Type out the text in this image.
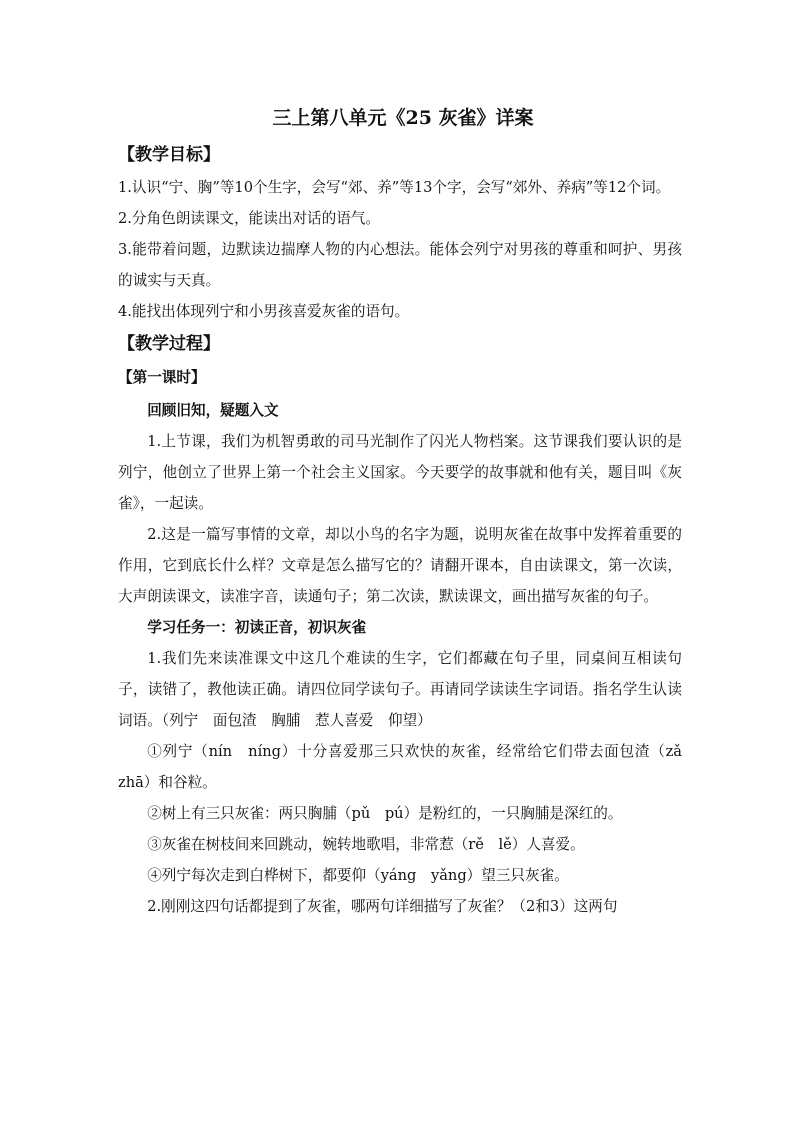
三上第八单元《25 灰雀》详案
【教学目标】

1.认识“宁、胸”等10个生字，会写“郊、养”等13个字，会写“郊外、养病”等12个词。

2.分角色朗读课文，能读出对话的语气。

3.能带着问题，边默读边揣摩人物的内心想法。能体会列宁对男孩的尊重和呵护、男孩的诚实与天真。

4.能找出体现列宁和小男孩喜爱灰雀的语句。

【教学过程】
【第一课时】

回顾旧知，疑题入文

1.上节课，我们为机智勇敢的司马光制作了闪光人物档案。这节课我们要认识的是列宁，他创立了世界上第一个社会主义国家。今天要学的故事就和他有关，题目叫《灰雀》，一起读。

2.这是一篇写事情的文章，却以小鸟的名字为题，说明灰雀在故事中发挥着重要的作用，它到底长什么样？文章是怎么描写它的？请翻开课本，自由读课文，第一次读，大声朗读课文，读准字音，读通句子；第二次读，默读课文，画出描写灰雀的句子。

学习任务一：初读正音，初识灰雀

1.我们先来读准课文中这几个难读的生字，它们都藏在句子里，同桌间互相读句子，读错了，教他读正确。请四位同学读句子。再请同学读读生字词语。指名学生认读词语。（列宁　面包渣　胸脯　惹人喜爱　仰望）

①列宁（nín　níng）十分喜爱那三只欢快的灰雀，经常给它们带去面包渣（zǎ　zhā）和谷粒。

②树上有三只灰雀：两只胸脯（pǔ　pú）是粉红的，一只胸脯是深红的。

③灰雀在树枝间来回跳动，婉转地歌唱，非常惹（rě　lě）人喜爱。

④列宁每次走到白桦树下，都要仰（yáng　yǎng）望三只灰雀。

2.刚刚这四句话都提到了灰雀，哪两句详细描写了灰雀？（2和3）这两句
